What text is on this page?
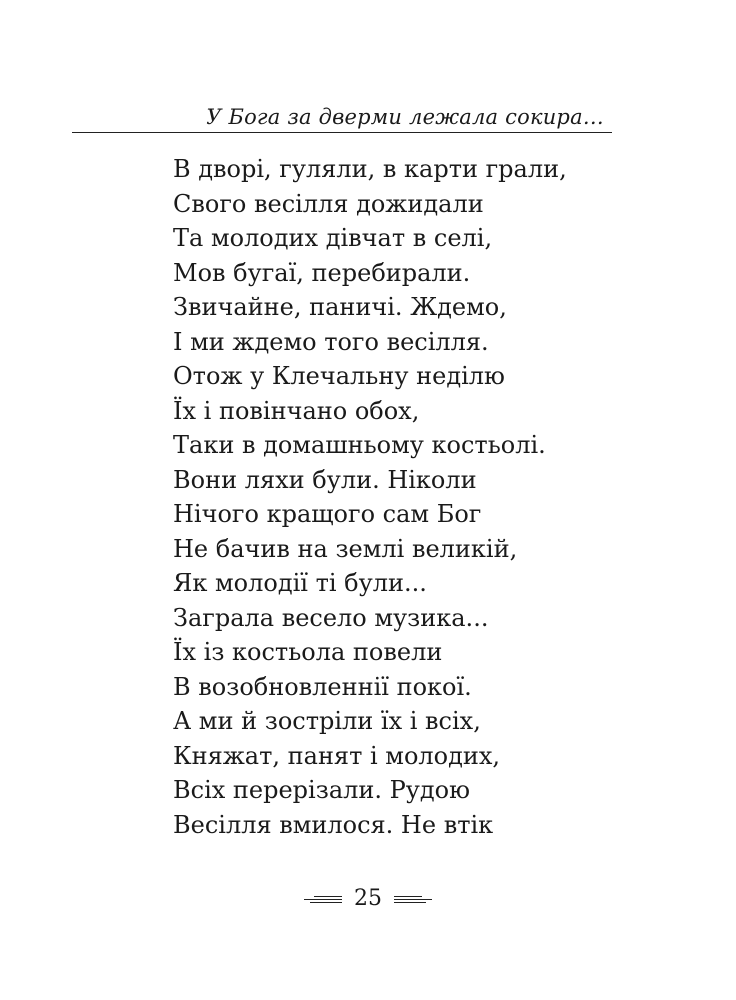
У Бога за дверми лежала сокира…
В дворі, гуляли, в карти грали,
Свого весілля дожидали
Та молодих дівчат в селі,
Мов бугаї, перебирали.
Звичайне, паничі. Ждемо,
І ми ждемо того весілля.
Отож у Клечальну неділю
Їх і повінчано обох,
Таки в домашньому костьолі.
Вони ляхи були. Ніколи
Нічого кращого сам Бог
Не бачив на землі великій,
Як молодії ті були...
Заграла весело музика...
Їх із костьола повели
В возобновленнії покої.
А ми й зостріли їх і всіх,
Княжат, панят і молодих,
Всіх перерізали. Рудою
Весілля вмилося. Не втік
25
